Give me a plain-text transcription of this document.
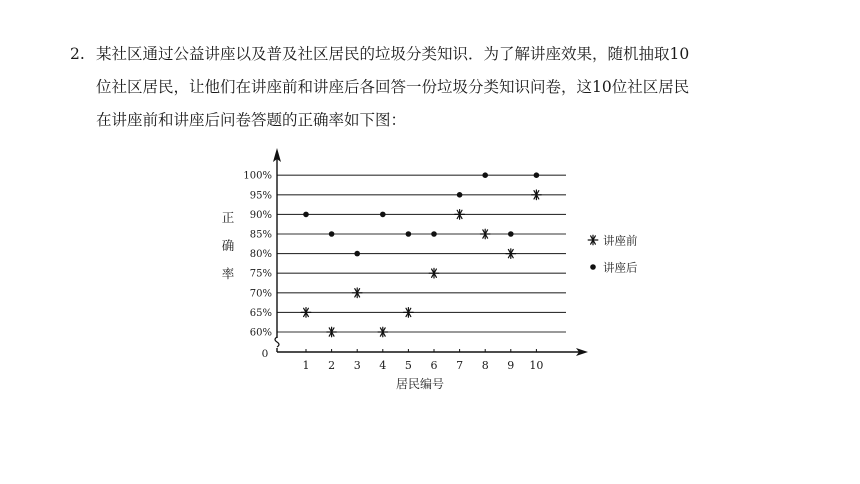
2. 某社区通过公益讲座以及普及社区居民的垃圾分类知识．为了解讲座效果，随机抽取10
位社区居民，让他们在讲座前和讲座后各回答一份垃圾分类知识问卷，这10位社区居民
在讲座前和讲座后问卷答题的正确率如下图：
60%
65%
70%
75%
80%
85%
90%
95%
100%
0
1 2 3 4 5 6 7 8 9 10
居民编号
正
确
率
讲座前
讲座后
